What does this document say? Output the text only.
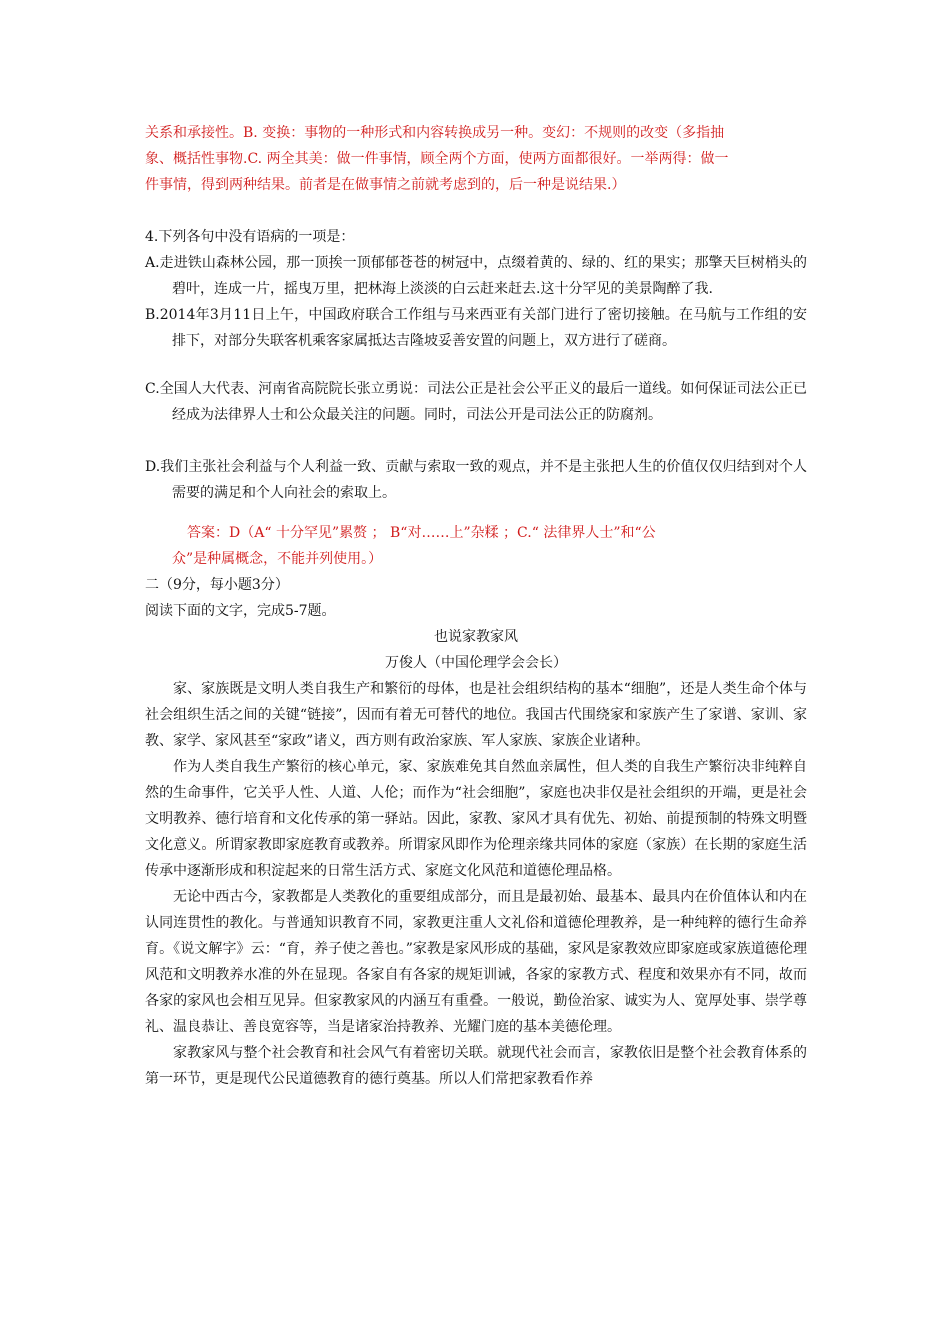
关系和承接性。B. 变换：事物的一种形式和内容转换成另一种。变幻：不规则的改变（多指抽

象、概括性事物.C. 两全其美：做一件事情，顾全两个方面，使两方面都很好。一举两得：做一

件事情，得到两种结果。前者是在做事情之前就考虑到的，后一种是说结果.）

4.下列各句中没有语病的一项是：

A.走进铁山森林公园，那一顶挨一顶郁郁苍苍的树冠中，点缀着黄的、绿的、红的果实；那擎天巨树梢头的碧叶，连成一片，摇曳万里，把林海上淡淡的白云赶来赶去.这十分罕见的美景陶醉了我.

B.2014年3月11日上午，中国政府联合工作组与马来西亚有关部门进行了密切接触。在马航与工作组的安排下，对部分失联客机乘客家属抵达吉隆坡妥善安置的问题上，双方进行了磋商。

C.全国人大代表、河南省高院院长张立勇说：司法公正是社会公平正义的最后一道线。如何保证司法公正已经成为法律界人士和公众最关注的问题。同时，司法公开是司法公正的防腐剂。

D.我们主张社会利益与个人利益一致、贡献与索取一致的观点，并不是主张把人生的价值仅仅归结到对个人需要的满足和个人向社会的索取上。

答案：D（A“ 十分罕见”累赘 ； B“对……上”杂糅 ；C.“ 法律界人士”和“公

众”是种属概念，不能并列使用。）

二（9分，每小题3分）

阅读下面的文字，完成5-7题。

也说家教家风

万俊人（中国伦理学会会长）

家、家族既是文明人类自我生产和繁衍的母体，也是社会组织结构的基本“细胞”，还是人类生命个体与社会组织生活之间的关键“链接”，因而有着无可替代的地位。我国古代围绕家和家族产生了家谱、家训、家教、家学、家风甚至“家政”诸义，西方则有政治家族、军人家族、家族企业诸种。

作为人类自我生产繁衍的核心单元，家、家族难免其自然血亲属性，但人类的自我生产繁衍决非纯粹自然的生命事件，它关乎人性、人道、人伦；而作为“社会细胞”，家庭也决非仅是社会组织的开端，更是社会文明教养、德行培育和文化传承的第一驿站。因此，家教、家风才具有优先、初始、前提预制的特殊文明暨文化意义。所谓家教即家庭教育或教养。所谓家风即作为伦理亲缘共同体的家庭（家族）在长期的家庭生活传承中逐渐形成和积淀起来的日常生活方式、家庭文化风范和道德伦理品格。

无论中西古今，家教都是人类教化的重要组成部分，而且是最初始、最基本、最具内在价值体认和内在认同连贯性的教化。与普通知识教育不同，家教更注重人文礼俗和道德伦理教养，是一种纯粹的德行生命养育。《说文解字》云：“育，养子使之善也。”家教是家风形成的基础，家风是家教效应即家庭或家族道德伦理风范和文明教养水准的外在显现。各家自有各家的规矩训诫，各家的家教方式、程度和效果亦有不同，故而各家的家风也会相互见异。但家教家风的内涵互有重叠。一般说，勤俭治家、诚实为人、宽厚处事、崇学尊礼、温良恭让、善良宽容等，当是诸家治持教养、光耀门庭的基本美德伦理。

家教家风与整个社会教育和社会风气有着密切关联。就现代社会而言，家教依旧是整个社会教育体系的第一环节，更是现代公民道德教育的德行奠基。所以人们常把家教看作养
